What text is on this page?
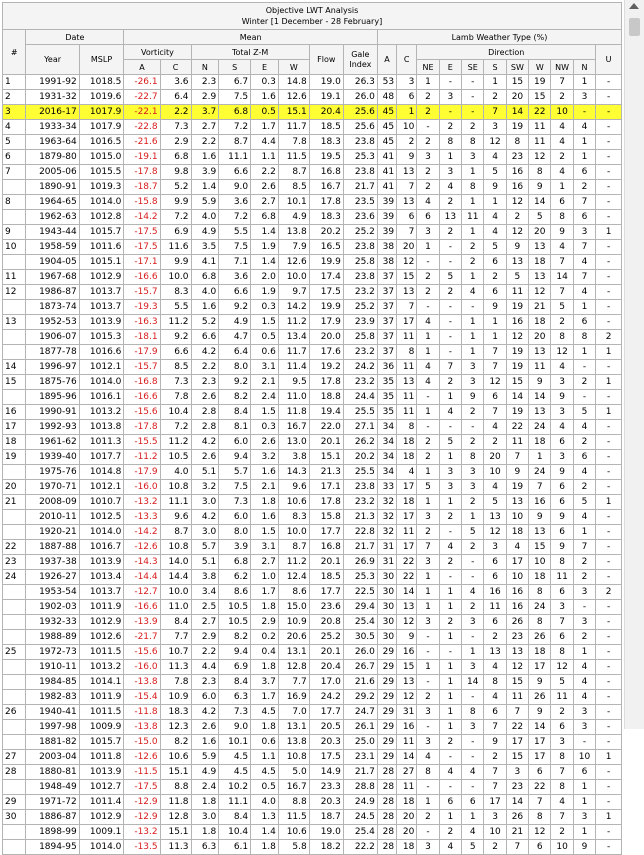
Objective LWT Analysis
Winter [1 December - 28 February]																					

#	Date		Mean								Lamb Weather Type (%)										
	Year	MSLP	Vorticity		Total Z-M				Flow	Gale Index	A	C	Direction								U
			A	C	N	S	E	W					NE	E	SE	S	SW	W	NW	N	
1	1991-92	1018.5	-26.1	3.6	2.3	6.7	0.3	14.8	19.0	26.3	53	3	1	-	-	1	15	19	7	1	-
2	1931-32	1019.6	-22.7	6.4	2.9	7.5	1.6	12.6	19.1	26.0	48	6	2	3	-	2	20	15	2	3	-
3	2016-17	1017.9	-22.1	2.2	3.7	6.8	0.5	15.1	20.4	25.6	45	1	2	-	-	7	14	22	10	-	-
4	1933-34	1017.9	-22.8	7.3	2.7	7.2	1.7	11.7	18.5	25.6	45	10	-	2	2	3	19	11	4	4	-
5	1963-64	1016.5	-21.6	2.9	2.2	8.7	4.4	7.8	18.3	23.8	45	2	2	8	8	12	8	11	4	1	-
6	1879-80	1015.0	-19.1	6.8	1.6	11.1	1.1	11.5	19.5	25.3	41	9	3	1	3	4	23	12	2	1	-
7	2005-06	1015.5	-17.8	9.8	3.9	6.6	2.2	8.7	16.8	23.8	41	13	2	3	1	5	16	8	4	6	-
	1890-91	1019.3	-18.7	5.2	1.4	9.0	2.6	8.5	16.7	21.7	41	7	2	4	8	9	16	9	1	2	-
8	1964-65	1014.0	-15.8	9.9	5.9	3.6	2.7	10.1	17.8	23.5	39	13	4	2	1	1	12	14	6	7	-
	1962-63	1012.8	-14.2	7.2	4.0	7.2	6.8	4.9	18.3	23.6	39	6	6	13	11	4	2	5	8	6	-
9	1943-44	1015.7	-17.5	6.9	4.9	5.5	1.4	13.8	20.2	25.2	39	7	3	2	1	4	12	20	9	3	1
10	1958-59	1011.6	-17.5	11.6	3.5	7.5	1.9	7.9	16.5	23.8	38	20	1	-	2	5	9	13	4	7	-
	1904-05	1015.1	-17.1	9.9	4.1	7.1	1.4	12.6	19.9	25.8	38	12	-	-	2	6	13	18	7	4	-
11	1967-68	1012.9	-16.6	10.0	6.8	3.6	2.0	10.0	17.4	23.8	37	15	2	5	1	2	5	13	14	7	-
12	1986-87	1013.7	-15.7	8.3	4.0	6.6	1.9	9.7	17.5	23.2	37	13	2	2	4	6	11	12	7	4	-
	1873-74	1013.7	-19.3	5.5	1.6	9.2	0.3	14.2	19.9	25.2	37	7	-	-	-	9	19	21	5	1	-
13	1952-53	1013.9	-16.3	11.2	5.2	4.9	1.5	11.2	17.9	23.9	37	17	4	-	1	1	16	18	2	6	-
	1906-07	1015.3	-18.1	9.2	6.6	4.7	0.5	13.4	20.0	25.8	37	11	1	-	1	1	12	20	8	8	2
	1877-78	1016.6	-17.9	6.6	4.2	6.4	0.6	11.7	17.6	23.2	37	8	1	-	1	7	19	13	12	1	1
14	1996-97	1012.1	-15.7	8.5	2.2	8.0	3.1	11.4	19.2	24.2	36	11	4	7	3	7	19	11	4	-	-
15	1875-76	1014.0	-16.8	7.3	2.3	9.2	2.1	9.5	17.8	23.2	35	13	4	2	3	12	15	9	3	2	1
	1895-96	1016.1	-16.6	7.8	2.6	8.2	2.4	11.0	18.8	24.4	35	11	-	1	9	6	14	14	9	-	-
16	1990-91	1013.2	-15.6	10.4	2.8	8.4	1.5	11.8	19.4	25.5	35	11	1	4	2	7	19	13	3	5	1
17	1992-93	1013.8	-17.8	7.2	2.8	8.1	0.3	16.7	22.0	27.1	34	8	-	-	-	4	22	24	4	4	-
18	1961-62	1011.3	-15.5	11.2	4.2	6.0	2.6	13.0	20.1	26.2	34	18	2	5	2	2	11	18	6	2	-
19	1939-40	1017.7	-11.2	10.5	2.6	9.4	3.2	3.8	15.1	20.2	34	18	2	1	8	20	7	1	3	6	-
	1975-76	1014.8	-17.9	4.0	5.1	5.7	1.6	14.3	21.3	25.5	34	4	1	3	3	10	9	24	9	4	-
20	1970-71	1012.1	-16.0	10.8	3.2	7.5	2.1	9.6	17.1	23.8	33	17	5	3	3	4	19	7	6	2	-
21	2008-09	1010.7	-13.2	11.1	3.0	7.3	1.8	10.6	17.8	23.2	32	18	1	1	2	5	13	16	6	5	1
	2010-11	1012.5	-13.3	9.6	4.2	6.0	1.6	8.3	15.8	21.3	32	17	3	2	1	13	10	9	9	4	-
	1920-21	1014.0	-14.2	8.7	3.0	8.0	1.5	10.0	17.7	22.8	32	11	2	-	5	12	18	13	6	1	-
22	1887-88	1016.7	-12.6	10.8	5.7	3.9	3.1	8.7	16.8	21.7	31	17	7	4	2	3	4	15	9	7	-
23	1937-38	1013.9	-14.3	14.0	5.1	6.8	2.7	11.2	20.1	26.9	31	22	3	2	-	6	17	10	8	2	-
24	1926-27	1013.4	-14.4	14.4	3.8	6.2	1.0	12.4	18.5	25.3	30	22	1	-	-	6	10	18	11	2	-
	1953-54	1013.7	-12.7	10.0	3.4	8.6	1.7	8.6	17.7	22.5	30	14	1	1	4	16	16	8	6	3	2
	1902-03	1011.9	-16.6	11.0	2.5	10.5	1.8	15.0	23.6	29.4	30	13	1	1	2	11	16	24	3	-	-
	1932-33	1012.9	-13.9	8.4	2.7	10.5	2.9	10.9	20.8	25.4	30	12	3	2	3	6	26	8	7	3	-
	1988-89	1012.6	-21.7	7.7	2.9	8.2	0.2	20.6	25.2	30.5	30	9	-	1	-	2	23	26	6	2	-
25	1972-73	1011.5	-15.6	10.7	2.2	9.4	0.4	13.1	20.1	26.0	29	16	-	-	1	13	13	18	8	1	-
	1910-11	1013.2	-16.0	11.3	4.4	6.9	1.8	12.8	20.4	26.7	29	15	1	1	3	4	12	17	12	4	-
	1984-85	1014.1	-13.8	7.8	2.3	8.4	3.7	7.7	17.0	21.6	29	13	-	1	14	8	15	9	5	4	-
	1982-83	1011.9	-15.4	10.9	6.0	6.3	1.7	16.9	24.2	29.2	29	12	2	1	-	4	11	26	11	4	-
26	1940-41	1011.5	-11.8	18.3	4.2	7.3	4.5	7.0	17.7	24.7	29	31	3	1	8	6	7	9	2	3	-
	1997-98	1009.9	-13.8	12.3	2.6	9.0	1.8	13.1	20.5	26.1	29	16	-	1	3	7	22	14	6	3	-
	1881-82	1015.7	-15.0	8.2	1.6	10.1	0.6	13.8	20.3	25.0	29	11	3	2	-	9	17	17	3	-	-
27	2003-04	1011.8	-12.6	10.6	5.9	4.5	1.1	10.8	17.5	23.1	29	14	4	-	-	2	15	17	8	10	1
28	1880-81	1013.9	-11.5	15.1	4.9	4.5	4.5	5.0	14.9	21.7	28	27	8	4	4	7	3	6	7	6	-
	1948-49	1012.7	-17.5	8.8	2.4	10.2	0.5	16.7	23.3	28.8	28	11	-	-	-	7	23	22	8	1	-
29	1971-72	1011.4	-12.9	11.8	1.8	11.1	4.0	8.8	20.3	24.9	28	18	1	6	6	17	14	7	4	1	-
30	1886-87	1012.9	-12.9	12.8	3.0	8.4	1.3	11.5	18.7	24.5	28	20	2	1	1	3	26	8	7	3	1
	1898-99	1009.1	-13.2	15.1	1.8	10.4	1.4	10.6	19.0	25.4	28	20	-	2	4	10	21	12	2	1	-
	1894-95	1014.0	-13.5	11.3	6.3	6.1	1.8	5.8	18.2	22.2	28	18	3	4	5	2	7	6	10	9	-
